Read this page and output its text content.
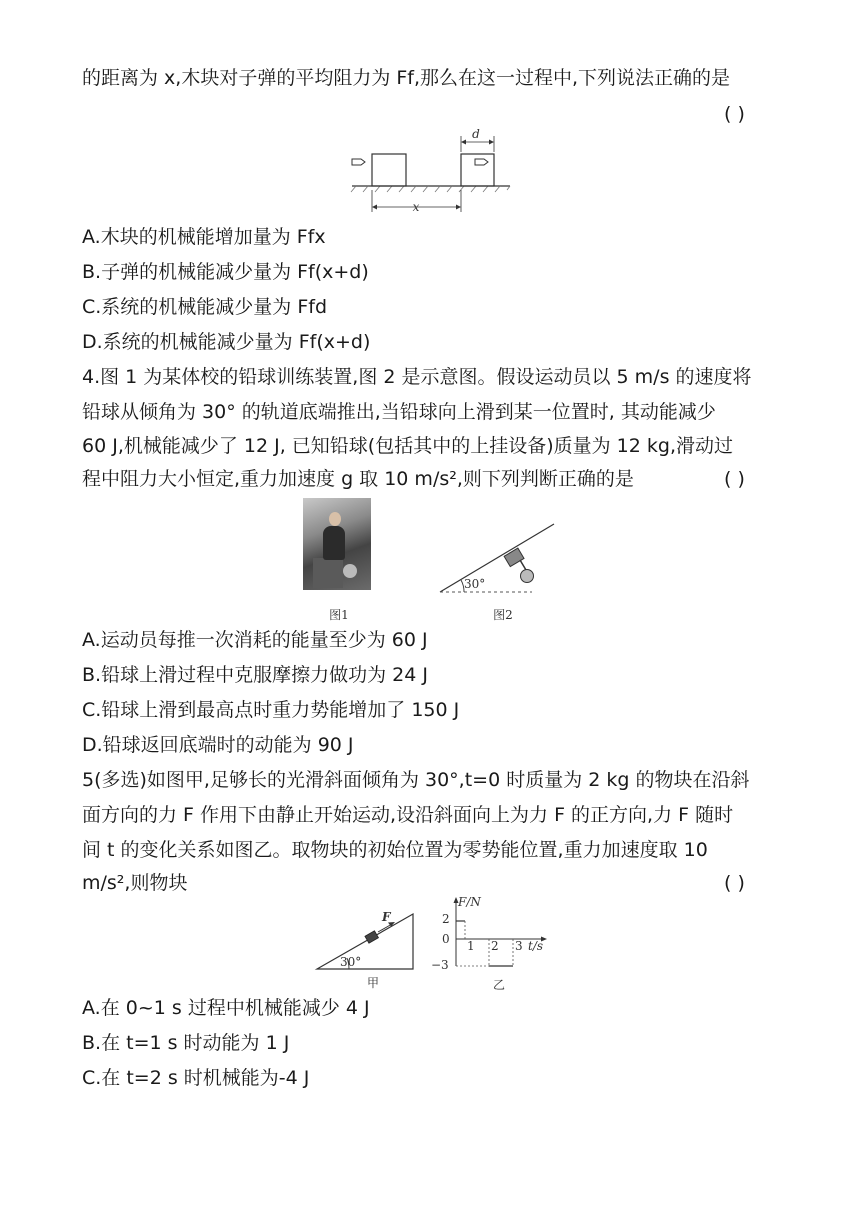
的距离为 x,木块对子弹的平均阻力为 Ff,那么在这一过程中,下列说法正确的是
( )
d
x
A.木块的机械能增加量为 Ffx
B.子弹的机械能减少量为 Ff(x+d)
C.系统的机械能减少量为 Ffd
D.系统的机械能减少量为 Ff(x+d)
4.图 1 为某体校的铅球训练装置,图 2 是示意图。假设运动员以 5 m/s 的速度将
铅球从倾角为 30° 的轨道底端推出,当铅球向上滑到某一位置时, 其动能减少
60 J,机械能减少了 12 J, 已知铅球(包括其中的上挂设备)质量为 12 kg,滑动过
程中阻力大小恒定,重力加速度 g 取 10 m/s²,则下列判断正确的是	( )
30°
图1	图2
A.运动员每推一次消耗的能量至少为 60 J
B.铅球上滑过程中克服摩擦力做功为 24 J
C.铅球上滑到最高点时重力势能增加了 150 J
D.铅球返回底端时的动能为 90 J
5(多选)如图甲,足够长的光滑斜面倾角为 30°,t=0 时质量为 2 kg 的物块在沿斜
面方向的力 F 作用下由静止开始运动,设沿斜面向上为力 F 的正方向,力 F 随时
间 t 的变化关系如图乙。取物块的初始位置为零势能位置,重力加速度取 10
m/s²,则物块	( )
30°
F
甲
F/N
t/s
2
0
−3
1 2 3
乙
A.在 0~1 s 过程中机械能减少 4 J
B.在 t=1 s 时动能为 1 J
C.在 t=2 s 时机械能为-4 J
